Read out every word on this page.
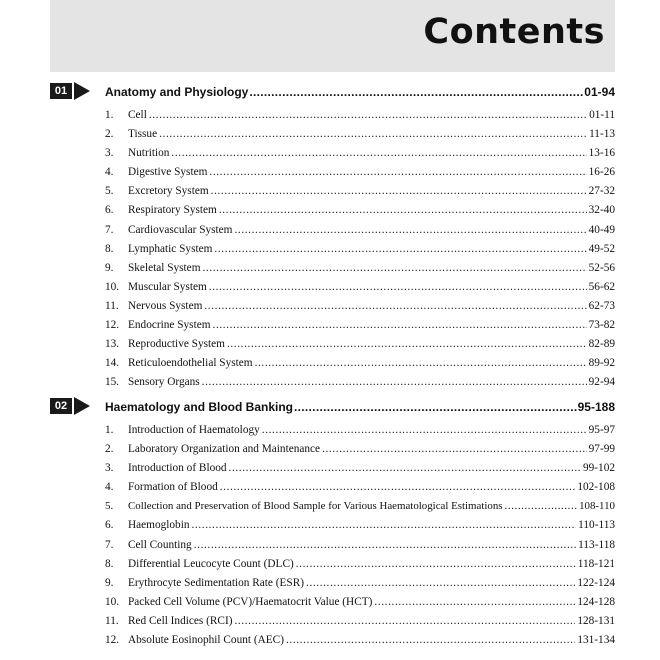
Contents
01	Anatomy and Physiology .....	01-94
1.	Cell .....	01-11
2.	Tissue .....	11-13
3.	Nutrition .....	13-16
4.	Digestive System .....	16-26
5.	Excretory System .....	27-32
6.	Respiratory System .....	32-40
7.	Cardiovascular System .....	40-49
8.	Lymphatic System .....	49-52
9.	Skeletal System .....	52-56
10. Muscular System .....	56-62
11. Nervous System .....	62-73
12. Endocrine System .....	73-82
13. Reproductive System .....	82-89
14. Reticuloendothelial System .....	89-92
15. Sensory Organs .....	92-94
02	Haematology and Blood Banking .....	95-188
1.	Introduction of Haematology .....	95-97
2.	Laboratory Organization and Maintenance .....	97-99
3.	Introduction of Blood .....	99-102
4.	Formation of Blood .....	102-108
5.	Collection and Preservation of Blood Sample for Various Haematological Estimations .....	108-110
6.	Haemoglobin .....	110-113
7.	Cell Counting .....	113-118
8.	Differential Leucocyte Count (DLC) .....	118-121
9.	Erythrocyte Sedimentation Rate (ESR) .....	122-124
10. Packed Cell Volume (PCV)/Haematocrit Value (HCT) .....	124-128
11. Red Cell Indices (RCI) .....	128-131
12. Absolute Eosinophil Count (AEC) .....	131-134
